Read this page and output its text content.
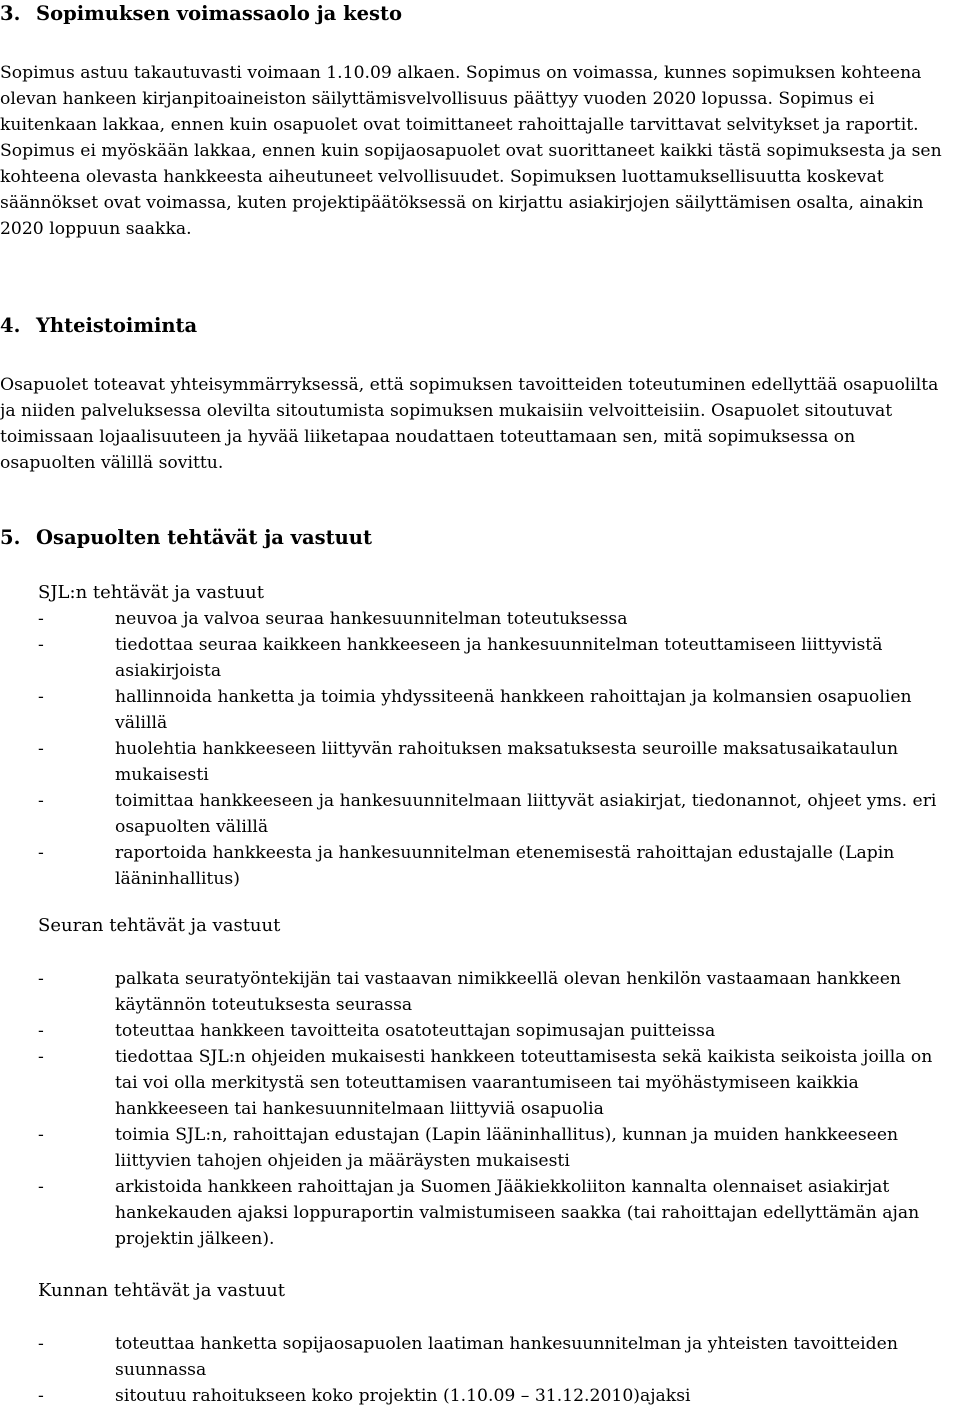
3. Sopimuksen voimassaolo ja kesto

Sopimus astuu takautuvasti voimaan 1.10.09 alkaen. Sopimus on voimassa, kunnes sopimuksen kohteena olevan hankeen kirjanpitoaineiston säilyttämisvelvollisuus päättyy vuoden 2020 lopussa. Sopimus ei kuitenkaan lakkaa, ennen kuin osapuolet ovat toimittaneet rahoittajalle tarvittavat selvitykset ja raportit. Sopimus ei myöskään lakkaa, ennen kuin sopijaosapuolet ovat suorittaneet kaikki tästä sopimuksesta ja sen kohteena olevasta hankkeesta aiheutuneet velvollisuudet. Sopimuksen luottamuksellisuutta koskevat säännökset ovat voimassa, kuten projektipäätöksessä on kirjattu asiakirjojen säilyttämisen osalta, ainakin 2020 loppuun saakka.

4. Yhteistoiminta

Osapuolet toteavat yhteisymmärryksessä, että sopimuksen tavoitteiden toteutuminen edellyttää osapuolilta ja niiden palveluksessa olevilta sitoutumista sopimuksen mukaisiin velvoitteisiin. Osapuolet sitoutuvat toimissaan lojaalisuuteen ja hyvää liiketapaa noudattaen toteuttamaan sen, mitä sopimuksessa on osapuolten välillä sovittu.

5. Osapuolten tehtävät ja vastuut
SJL:n tehtävät ja vastuut
-	neuvoa ja valvoa seuraa hankesuunnitelman toteutuksessa
-	tiedottaa seuraa kaikkeen hankkeeseen ja hankesuunnitelman toteuttamiseen liittyvistä asiakirjoista
-	hallinnoida hanketta ja toimia yhdyssiteenä hankkeen rahoittajan ja kolmansien osapuolien välillä
-	huolehtia hankkeeseen liittyvän rahoituksen maksatuksesta seuroille maksatusaikataulun mukaisesti
-	toimittaa hankkeeseen ja hankesuunnitelmaan liittyvät asiakirjat, tiedonannot, ohjeet yms. eri osapuolten välillä
-	raportoida hankkeesta ja hankesuunnitelman etenemisestä rahoittajan edustajalle (Lapin lääninhallitus)
Seuran tehtävät ja vastuut
-	palkata seuratyöntekijän tai vastaavan nimikkeellä olevan henkilön vastaamaan hankkeen käytännön toteutuksesta seurassa
-	toteuttaa hankkeen tavoitteita osatoteuttajan sopimusajan puitteissa
-	tiedottaa SJL:n ohjeiden mukaisesti hankkeen toteuttamisesta sekä kaikista seikoista joilla on tai voi olla merkitystä sen toteuttamisen vaarantumiseen tai myöhästymiseen kaikkia hankkeeseen tai hankesuunnitelmaan liittyviä osapuolia
-	toimia SJL:n, rahoittajan edustajan (Lapin lääninhallitus), kunnan ja muiden hankkeeseen liittyvien tahojen ohjeiden ja määräysten mukaisesti
-	arkistoida hankkeen rahoittajan ja Suomen Jääkiekkoliiton kannalta olennaiset asiakirjat hankekauden ajaksi loppuraportin valmistumiseen saakka (tai rahoittajan edellyttämän ajan projektin jälkeen).
Kunnan tehtävät ja vastuut
-	toteuttaa hanketta sopijaosapuolen laatiman hankesuunnitelman ja yhteisten tavoitteiden suunnassa
-	sitoutuu rahoitukseen koko projektin (1.10.09 – 31.12.2010)ajaksi
